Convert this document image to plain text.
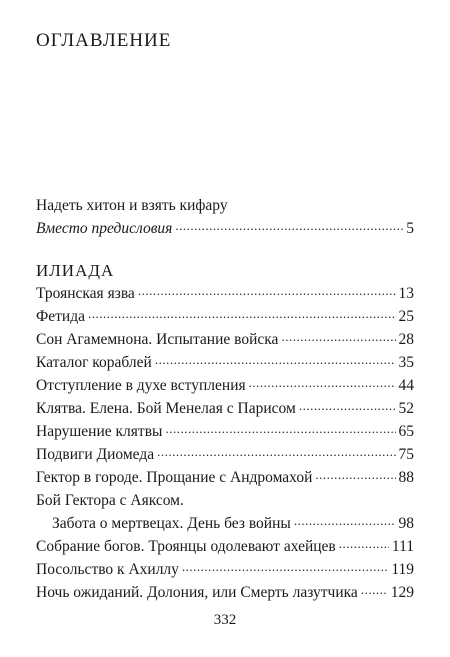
ОГЛАВЛЕНИЕ
Надеть хитон и взять кифару
Вместо предисловия .....	5
ИЛИАДА
Троянская язва .....	13
Фетида .....	25
Сон Агамемнона. Испытание войска .....	28
Каталог кораблей .....	35
Отступление в духе вступления .....	44
Клятва. Елена. Бой Менелая с Парисом .....	52
Нарушение клятвы .....	65
Подвиги Диомеда .....	75
Гектор в городе. Прощание с Андромахой .....	88
Бой Гектора с Аяксом.
Забота о мертвецах. День без войны .....	98
Собрание богов. Троянцы одолевают ахейцев .....	111
Посольство к Ахиллу .....	119
Ночь ожиданий. Долония, или Смерть лазутчика ..... 129
332
